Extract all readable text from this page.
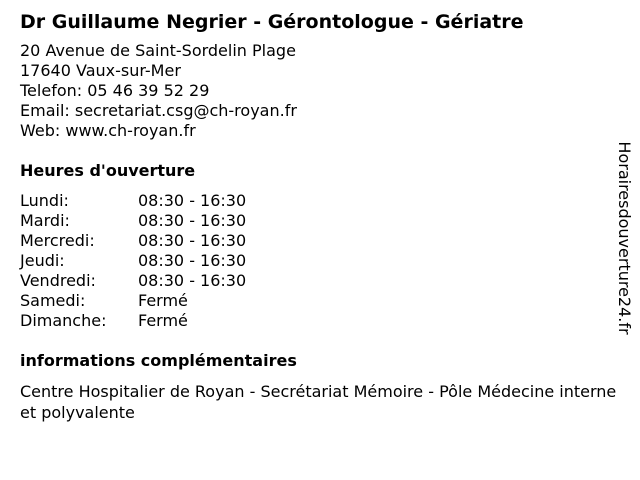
Dr Guillaume Negrier - Gérontologue - Gériatre
20 Avenue de Saint-Sordelin Plage
17640 Vaux-sur-Mer
Telefon: 05 46 39 52 29
Email: secretariat.csg@ch-royan.fr
Web: www.ch-royan.fr
Heures d'ouverture
Lundi:	08:30 - 16:30
Mardi:	08:30 - 16:30
Mercredi:	08:30 - 16:30
Jeudi:	08:30 - 16:30
Vendredi:	08:30 - 16:30
Samedi:	Fermé
Dimanche:	Fermé
informations complémentaires
Centre Hospitalier de Royan - Secrétariat Mémoire - Pôle Médecine interne et polyvalente
Horairesdouverture24.fr
